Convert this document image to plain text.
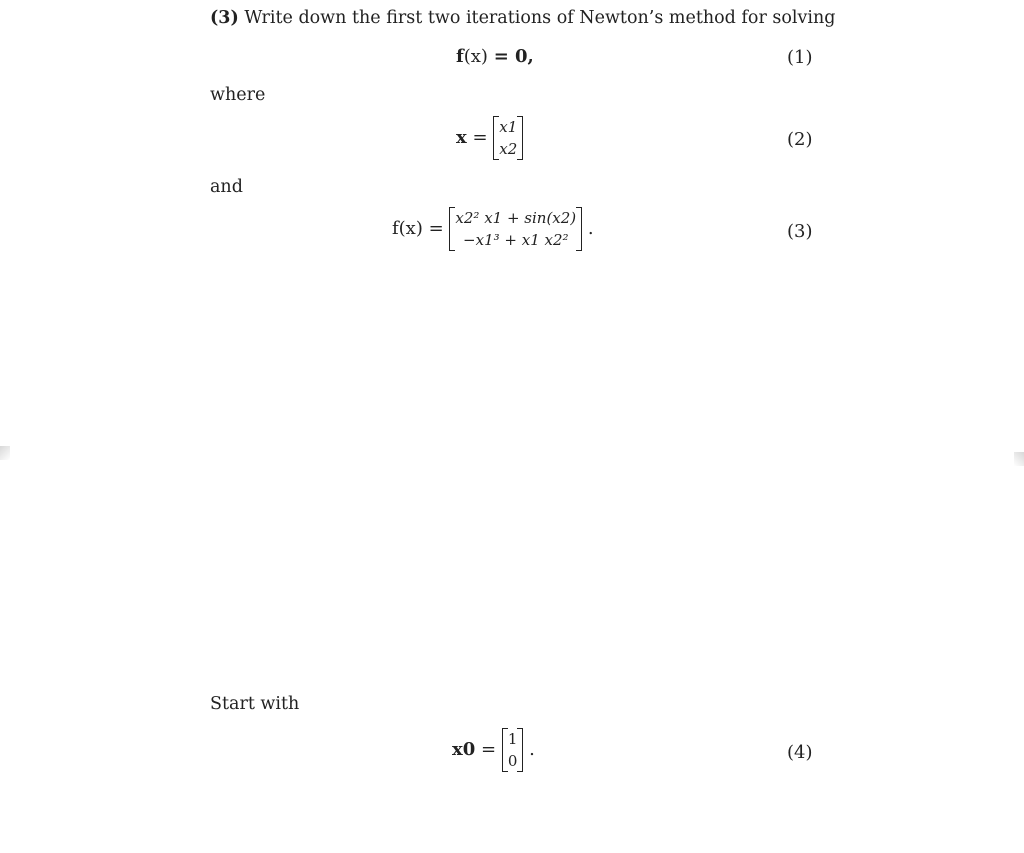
(3) Write down the first two iterations of Newton’s method for solving
f(x) = 0,	(1)
where
x = x1
x2	(2)
and
f(x) = x2² x1 + sin(x2)
−x1³ + x1 x2²
.	(3)
Start with
x0 = 1
0
.	(4)
